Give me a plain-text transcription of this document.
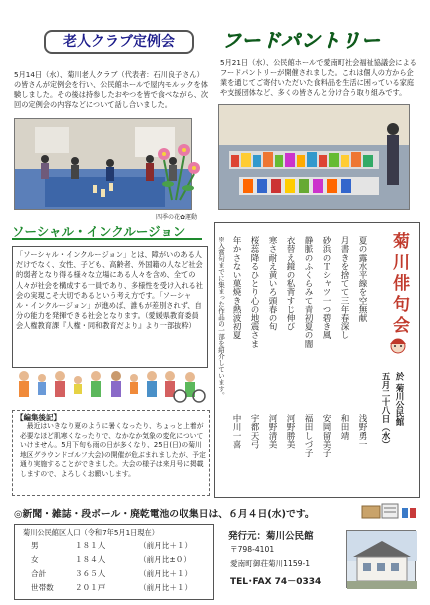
老人クラブ定例会
5月14日（水）、菊川老人クラブ（代表者：石川良子さん）の皆さんが定例会を行い、公民館ホールで屋内モルックを体験しました。その後は持参したおやつを皆で食べながら、次回の定例会の内容などについて話し合いました。
フードパントリー
5月21日（水）、公民館ホールで愛南町社会福祉協議会によるフードパントリーが開催されました。これは個人の方から企業を通じてご寄付いただいた食料品を生活に困っている家庭や支援団体など、多くの皆さんと分け合う取り組みです。
四季の花✿運動
ソーシャル・インクルージョン
「ソーシャル・インクルージョン」とは、障がいのある人だけでなく、女性、子ども、高齢者、外国籍の人など社会的弱者となり得る様々な立場にある人々を含め、全ての人々が社会を構成する一員であり、多様性を受け入れる社会の実現こそ大切であるという考え方です。「ソーシャル・インクルージョン」が進めば、誰もが差別されず、自分の能力を発揮できる社会となります。（愛媛県教育委員会人権教育課『人権・同和教育だより』より一部抜粋）
【編集後記】
最近はいきなり夏のように暑くなったり、ちょっと上着が必要なほど肌寒くなったりで、なかなか気象の変化についていけません。5月下旬も雨の日が多くなり、25日(日)の菊川地区グラウンドゴルフ大会)の開催が危ぶまれましたが、予定通り実施することができました。大会の様子は来月号に掲載しますので、よろしくお願いします。
菊川俳句会
於 菊川公民館
五月二十八日（水）
夏の露水平線を空無献
浅野勇一
月書きを捨てて三年春深し
和田靖
砂浜のＴシャツ一つ碧き風
安岡留美子
静脈のふくらみて青初夏の闇
福田しづ子
衣替え鏡の私背すじ伸び
河野勝美
寒さ耐え黄いろ頭春の旬
河野清美
桜蕊降るひとり心の地震さま
宇都天弓
年かさない菓焼き熱波初夏
中川一喜
※入賞句までに集まった作品の一部を紹介しています。
◎新聞・雑誌・段ボール・廃乾電池の収集日は、６月４日(水)です。
菊川公民館区人口（令和7年5月1日現在）
男	１８１人	（前月比＋１）
女	１８４人	（前月比±０）
合計	３６５人	（前月比＋１）
世帯数	２０１戸	（前月比＋１）
発行元：菊川公民館
〒798-4101
愛南町御荘菊川1159-1
TEL･FAX 74－0334
